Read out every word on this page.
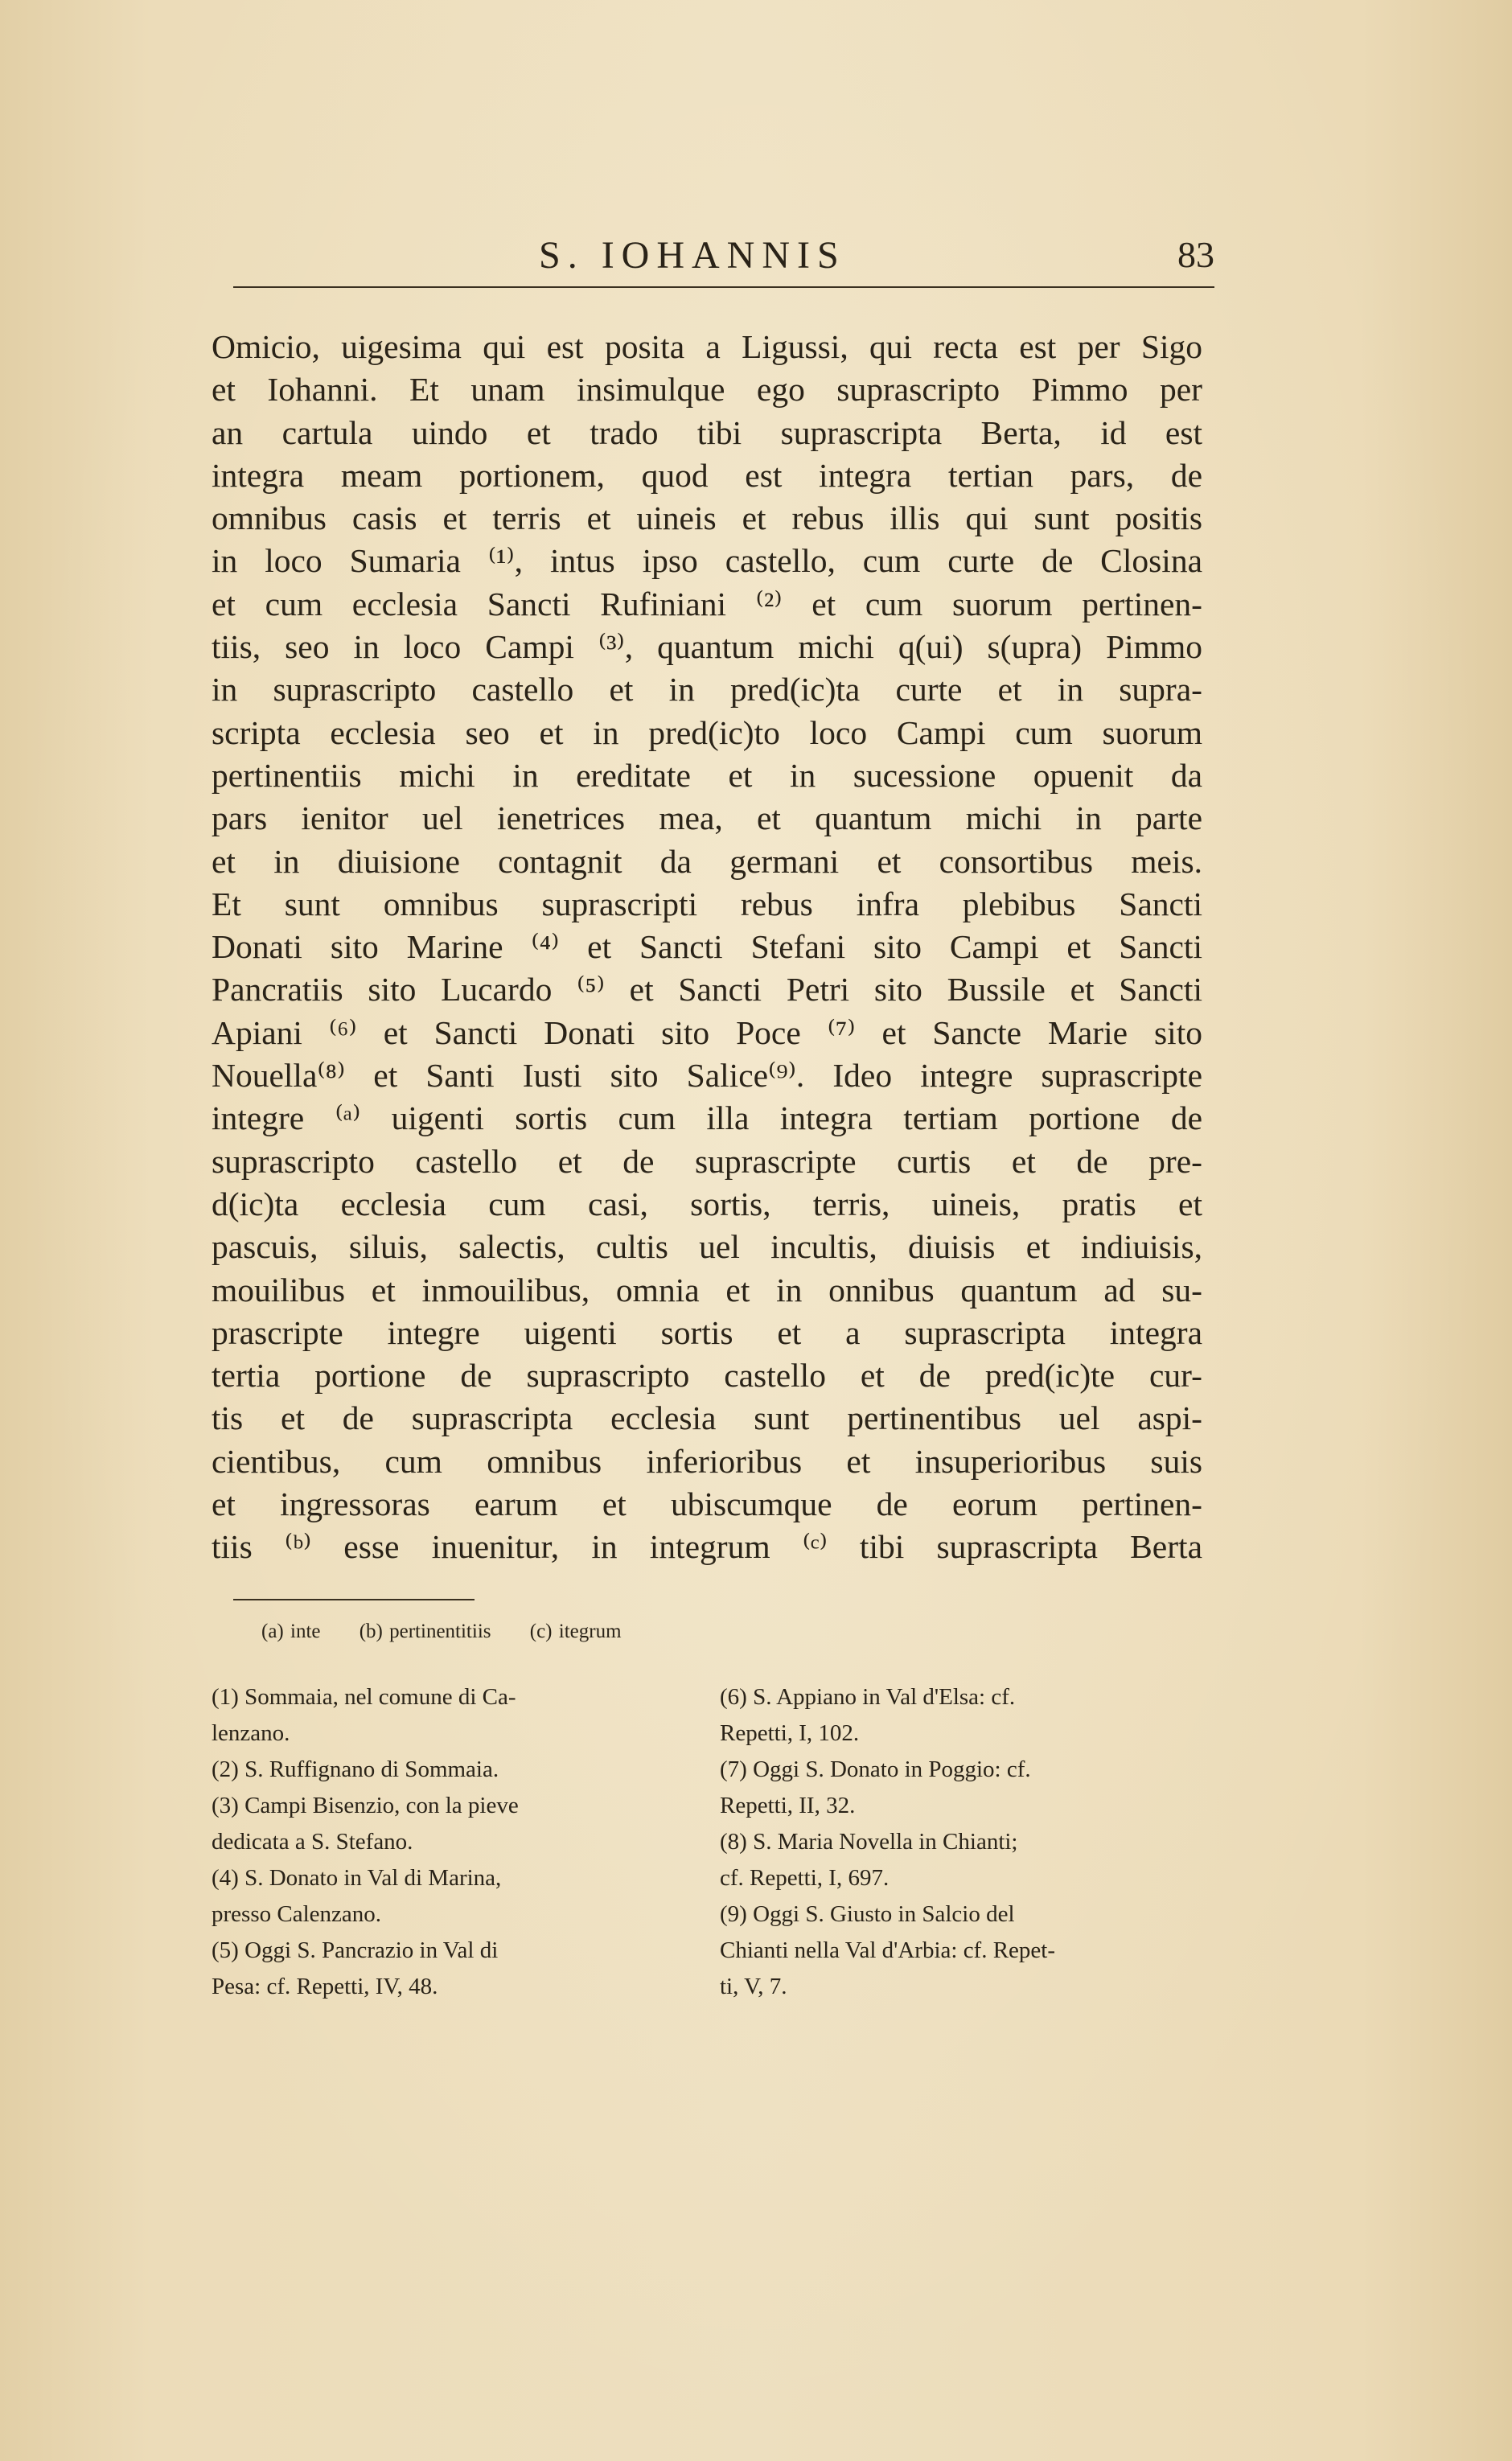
S. IOHANNIS	83
Omicio, uigesima qui est posita a Ligussi, qui recta est per Sigo
et Iohanni. Et unam insimulque ego suprascripto Pimmo per
an cartula uindo et trado tibi suprascripta Berta, id est
integra meam portionem, quod est integra tertian pars, de
omnibus casis et terris et uineis et rebus illis qui sunt positis
in loco Sumaria ⁽¹⁾, intus ipso castello, cum curte de Closina
et cum ecclesia Sancti Rufiniani ⁽²⁾ et cum suorum pertinen-
tiis, seo in loco Campi ⁽³⁾, quantum michi q(ui) s(upra) Pimmo
in suprascripto castello et in pred(ic)ta curte et in supra-
scripta ecclesia seo et in pred(ic)to loco Campi cum suorum
pertinentiis michi in ereditate et in sucessione opuenit da
pars ienitor uel ienetrices mea, et quantum michi in parte
et in diuisione contagnit da germani et consortibus meis.
Et sunt omnibus suprascripti rebus infra plebibus Sancti
Donati sito Marine ⁽⁴⁾ et Sancti Stefani sito Campi et Sancti
Pancratiis sito Lucardo ⁽⁵⁾ et Sancti Petri sito Bussile et Sancti
Apiani ⁽⁶⁾ et Sancti Donati sito Poce ⁽⁷⁾ et Sancte Marie sito
Nouella⁽⁸⁾ et Santi Iusti sito Salice⁽⁹⁾. Ideo integre suprascripte
integre ⁽ᵃ⁾ uigenti sortis cum illa integra tertiam portione de
suprascripto castello et de suprascripte curtis et de pre-
d(ic)ta ecclesia cum casi, sortis, terris, uineis, pratis et
pascuis, siluis, salectis, cultis uel incultis, diuisis et indiuisis,
mouilibus et inmouilibus, omnia et in onnibus quantum ad su-
prascripte integre uigenti sortis et a suprascripta integra
tertia portione de suprascripto castello et de pred(ic)te cur-
tis et de suprascripta ecclesia sunt pertinentibus uel aspi-
cientibus, cum omnibus inferioribus et insuperioribus suis
et ingressoras earum et ubiscumque de eorum pertinen-
tiis ⁽ᵇ⁾ esse inuenitur, in integrum ⁽ᶜ⁾ tibi suprascripta Berta
(a) inte (b) pertinentitiis (c) itegrum
(1) Sommaia, nel comune di Ca-
lenzano.
(2) S. Ruffignano di Sommaia.
(3) Campi Bisenzio, con la pieve
dedicata a S. Stefano.
(4) S. Donato in Val di Marina,
presso Calenzano.
(5) Oggi S. Pancrazio in Val di
Pesa: cf. Repetti, IV, 48.
(6) S. Appiano in Val d'Elsa: cf.
Repetti, I, 102.
(7) Oggi S. Donato in Poggio: cf.
Repetti, II, 32.
(8) S. Maria Novella in Chianti;
cf. Repetti, I, 697.
(9) Oggi S. Giusto in Salcio del
Chianti nella Val d'Arbia: cf. Repet-
ti, V, 7.
